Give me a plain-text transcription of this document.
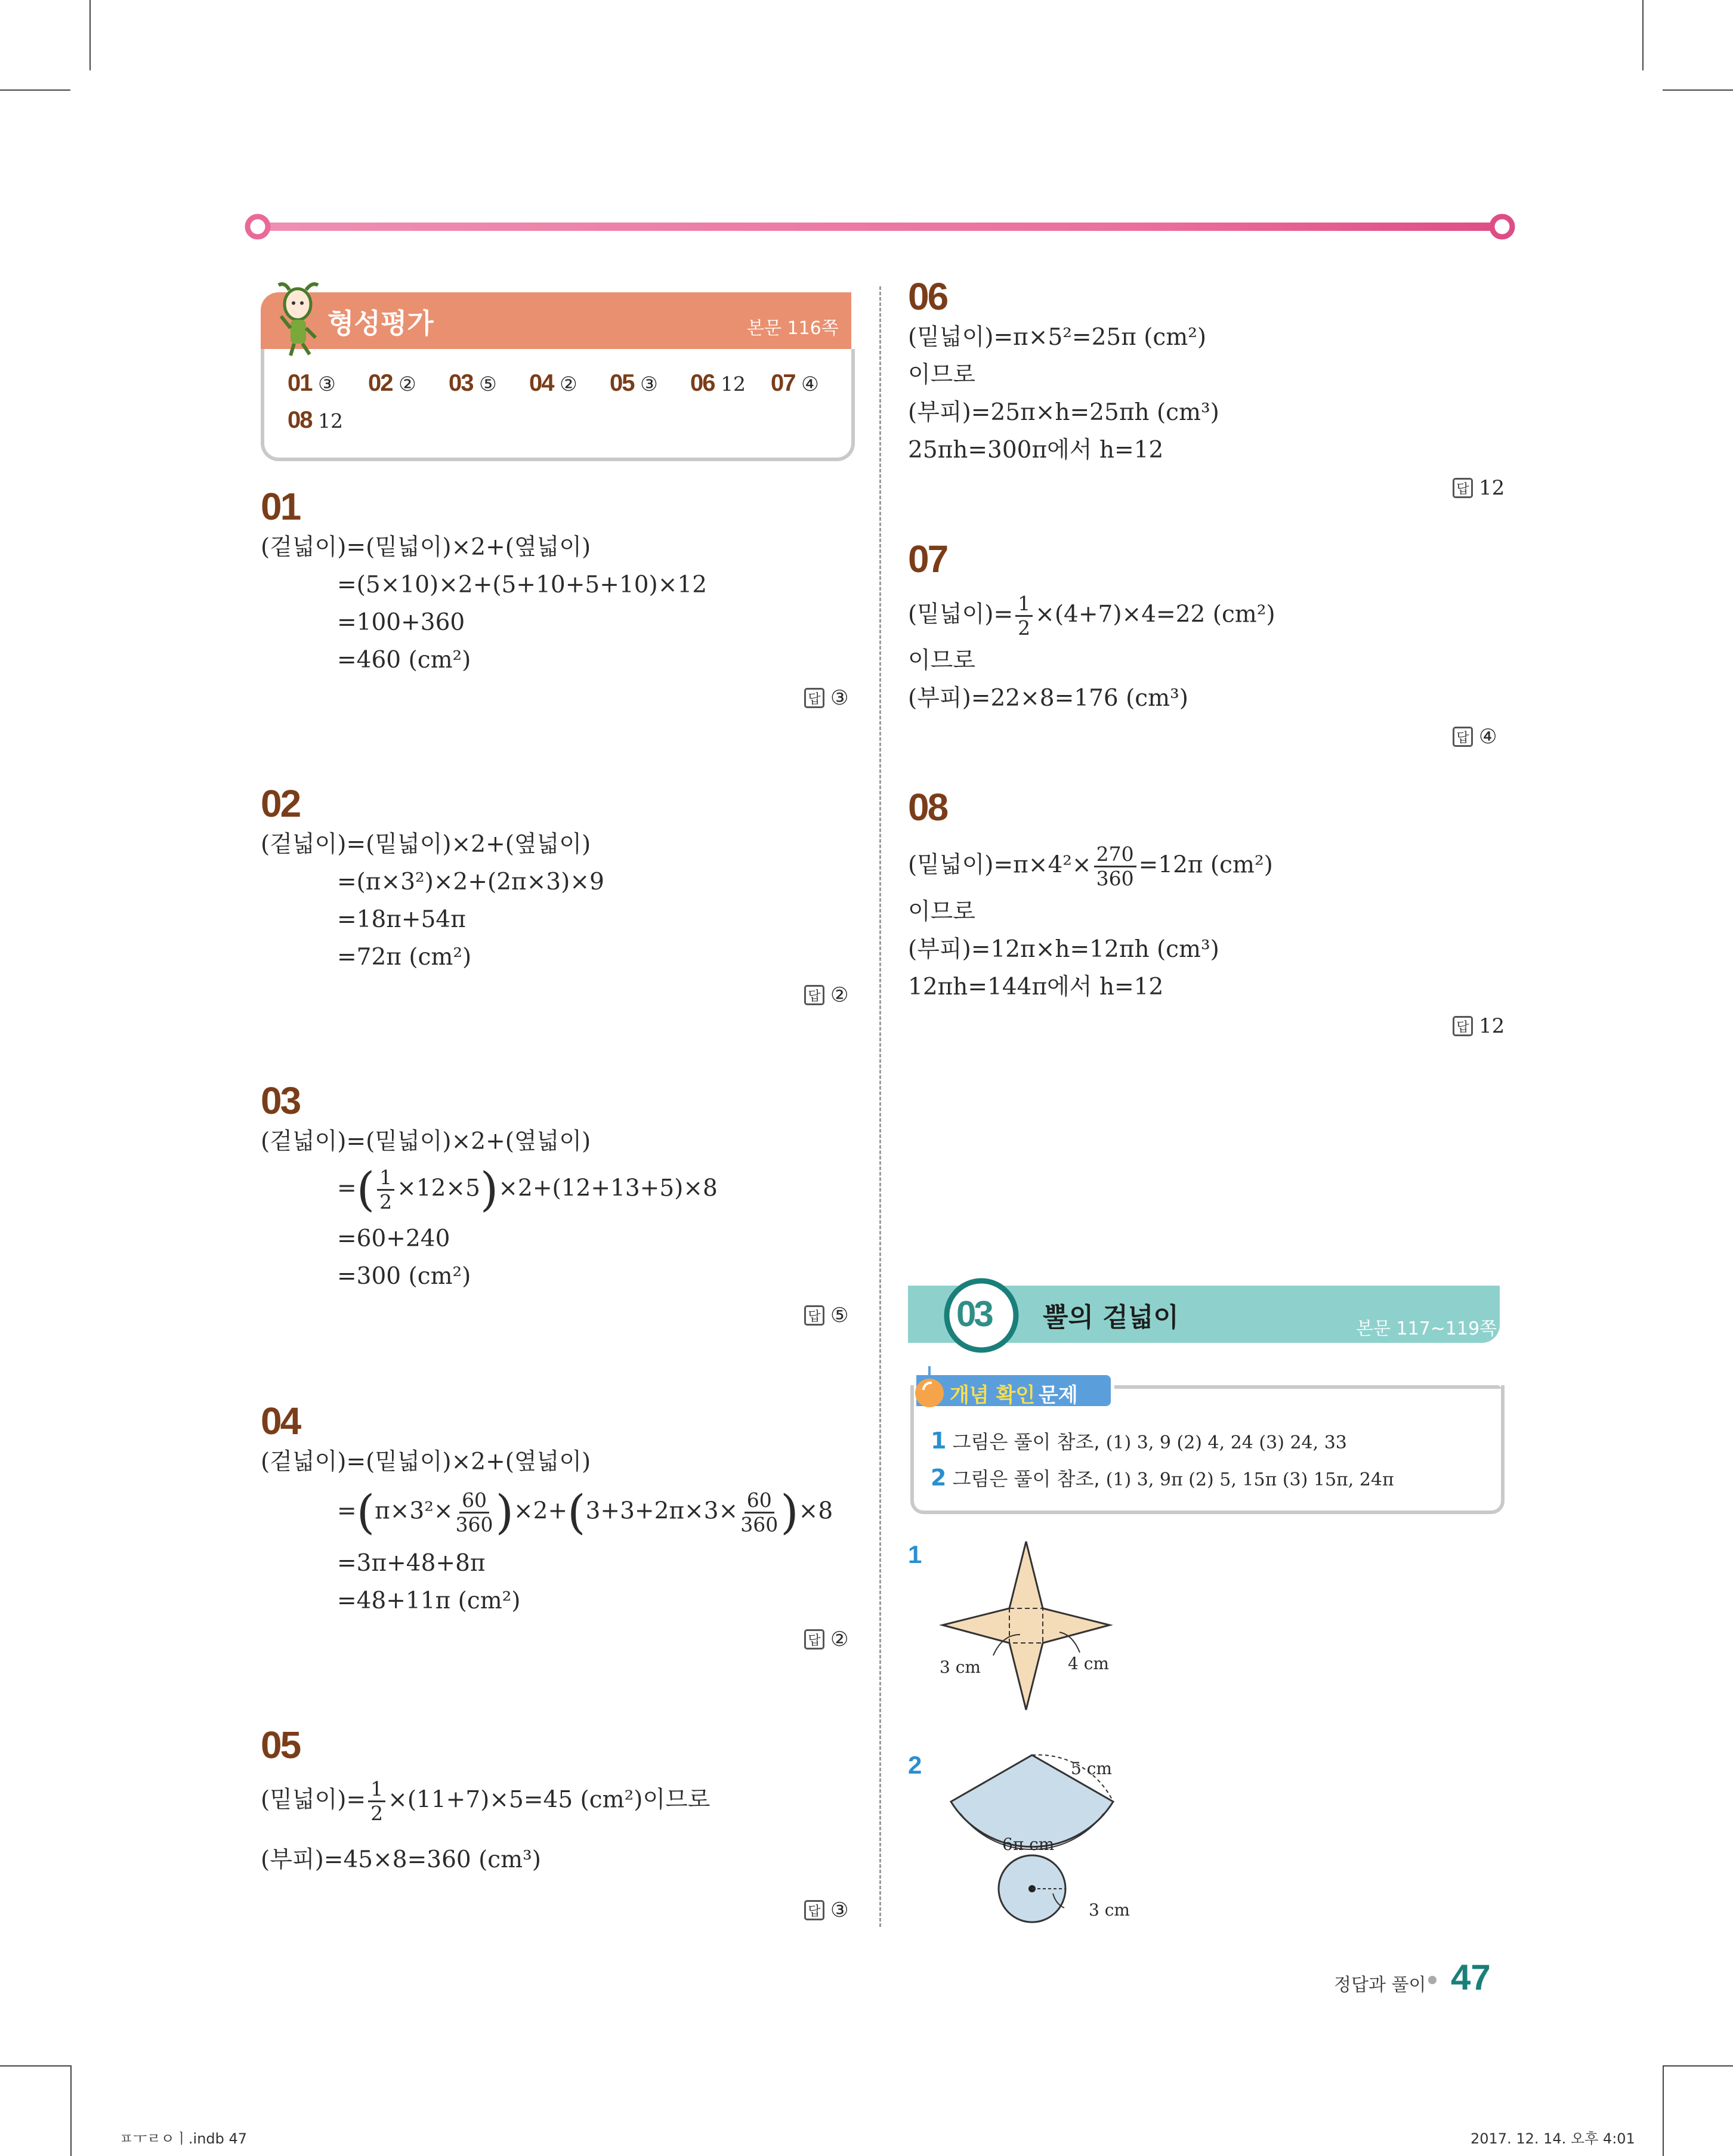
형성평가	본문 116쪽
01 ③ 02 ② 03 ⑤ 04 ② 05 ③ 06 12 07 ④
08 12
01
(겉넓이)=(밑넓이)×2+(옆넓이)
=(5×10)×2+(5+10+5+10)×12
=100+360
=460 (cm²)
답 ③
02
(겉넓이)=(밑넓이)×2+(옆넓이)
=(π×3²)×2+(2π×3)×9
=18π+54π
=72π (cm²)
답 ②
03
(겉넓이)=(밑넓이)×2+(옆넓이)
=( $\frac{1}{2} \times 12\times 5)\times 2+(12+13+5)\times 8$
=60+240
=300 (cm²)
답 ⑤
04
(겉넓이)=(밑넓이)×2+(옆넓이)
$=(\pi\times 3^2\times \frac{60}{360} )\times 2+(3+3+2\pi\times 3\times \frac{60}{360} )\times 8$
=3π+48+8π
=48+11π (cm²)
답 ②
05
(밑넓이)= $\frac{1}{2} \times(11+7)\times 5=45$ (cm²)이므로
(부피)=45×8=360 (cm³)
답 ③
06
(밑넓이)=π×5²=25π (cm²)
이므로
(부피)=25π×h=25πh (cm³)
25πh=300π에서 h=12
답 12
07
(밑넓이)= $\frac{1}{2} \times(4+7)\times 4=22$ (cm²)
이므로
(부피)=22×8=176 (cm³)
답 ④
08
(밑넓이)$=\pi\times 4^2\times \frac{270}{360} =12\pi$ (cm²)
이므로
(부피)=12π×h=12πh (cm³)
12πh=144π에서 h=12
답 12
03 뿔의 겉넓이	본문 117~119쪽
개념 확인 문제
1 그림은 풀이 참조, (1) 3, 9 (2) 4, 24 (3) 24, 33
2 그림은 풀이 참조, (1) 3, 9π (2) 5, 15π (3) 15π, 24π
1
3 cm	4 cm
2	5 cm
6π cm
3 cm
정답과 풀이 47
ㅍㅜㄹㅇㅣ.indb 47	2017. 12. 14. 오후 4:01
